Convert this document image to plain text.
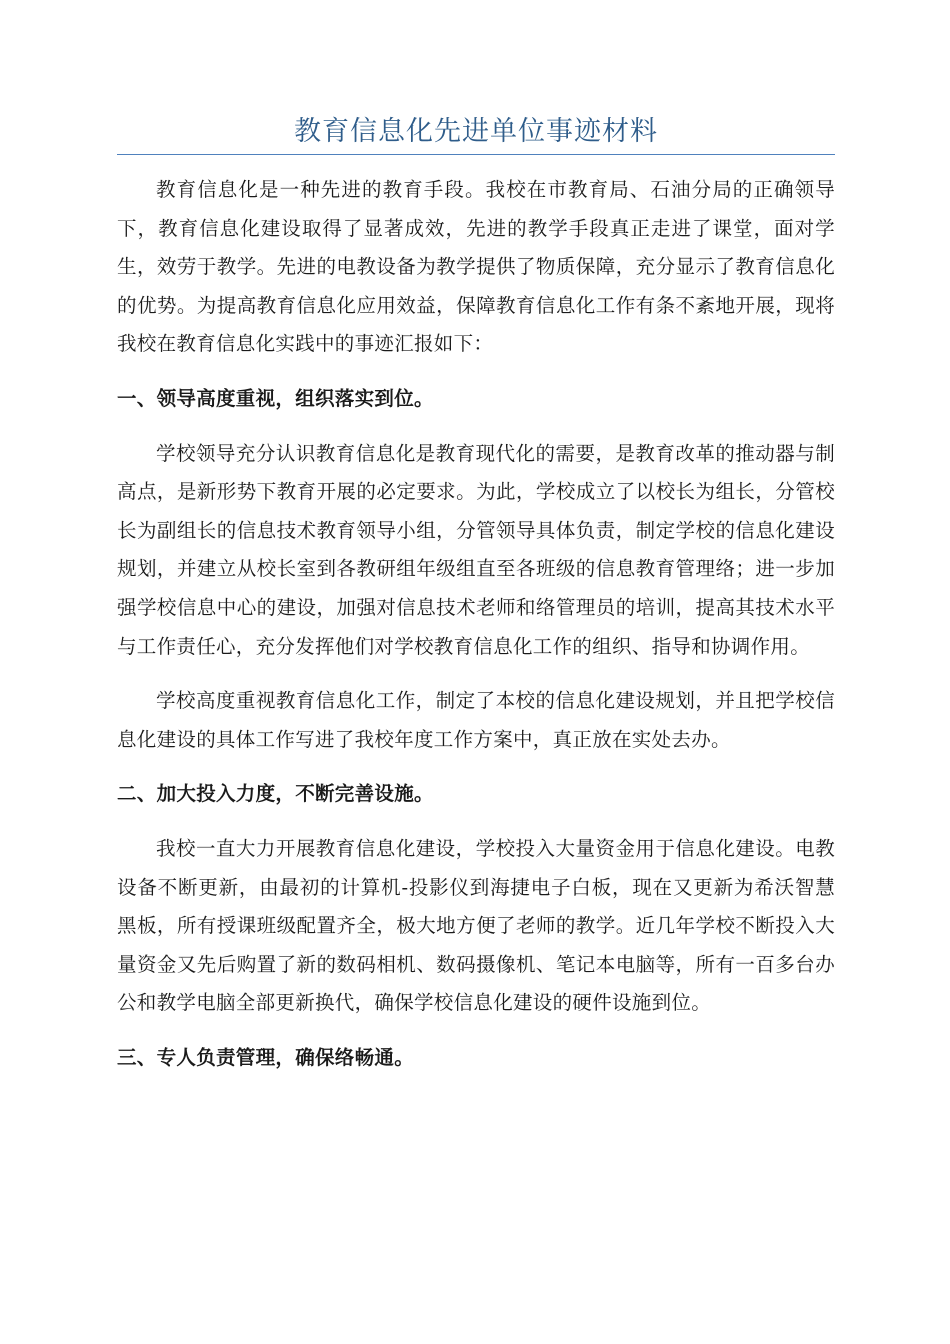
教育信息化先进单位事迹材料

教育信息化是一种先进的教育手段。我校在市教育局、石油分局的正确领导下，教育信息化建设取得了显著成效，先进的教学手段真正走进了课堂，面对学生，效劳于教学。先进的电教设备为教学提供了物质保障，充分显示了教育信息化的优势。为提高教育信息化应用效益，保障教育信息化工作有条不紊地开展，现将我校在教育信息化实践中的事迹汇报如下：

一、领导高度重视，组织落实到位。

学校领导充分认识教育信息化是教育现代化的需要，是教育改革的推动器与制高点，是新形势下教育开展的必定要求。为此，学校成立了以校长为组长，分管校长为副组长的信息技术教育领导小组，分管领导具体负责，制定学校的信息化建设规划，并建立从校长室到各教研组年级组直至各班级的信息教育管理络；进一步加强学校信息中心的建设，加强对信息技术老师和络管理员的培训，提高其技术水平与工作责任心，充分发挥他们对学校教育信息化工作的组织、指导和协调作用。

学校高度重视教育信息化工作，制定了本校的信息化建设规划，并且把学校信息化建设的具体工作写进了我校年度工作方案中，真正放在实处去办。

二、加大投入力度，不断完善设施。

我校一直大力开展教育信息化建设，学校投入大量资金用于信息化建设。电教设备不断更新，由最初的计算机-投影仪到海捷电子白板，现在又更新为希沃智慧黑板，所有授课班级配置齐全，极大地方便了老师的教学。近几年学校不断投入大量资金又先后购置了新的数码相机、数码摄像机、笔记本电脑等，所有一百多台办公和教学电脑全部更新换代，确保学校信息化建设的硬件设施到位。

三、专人负责管理，确保络畅通。
